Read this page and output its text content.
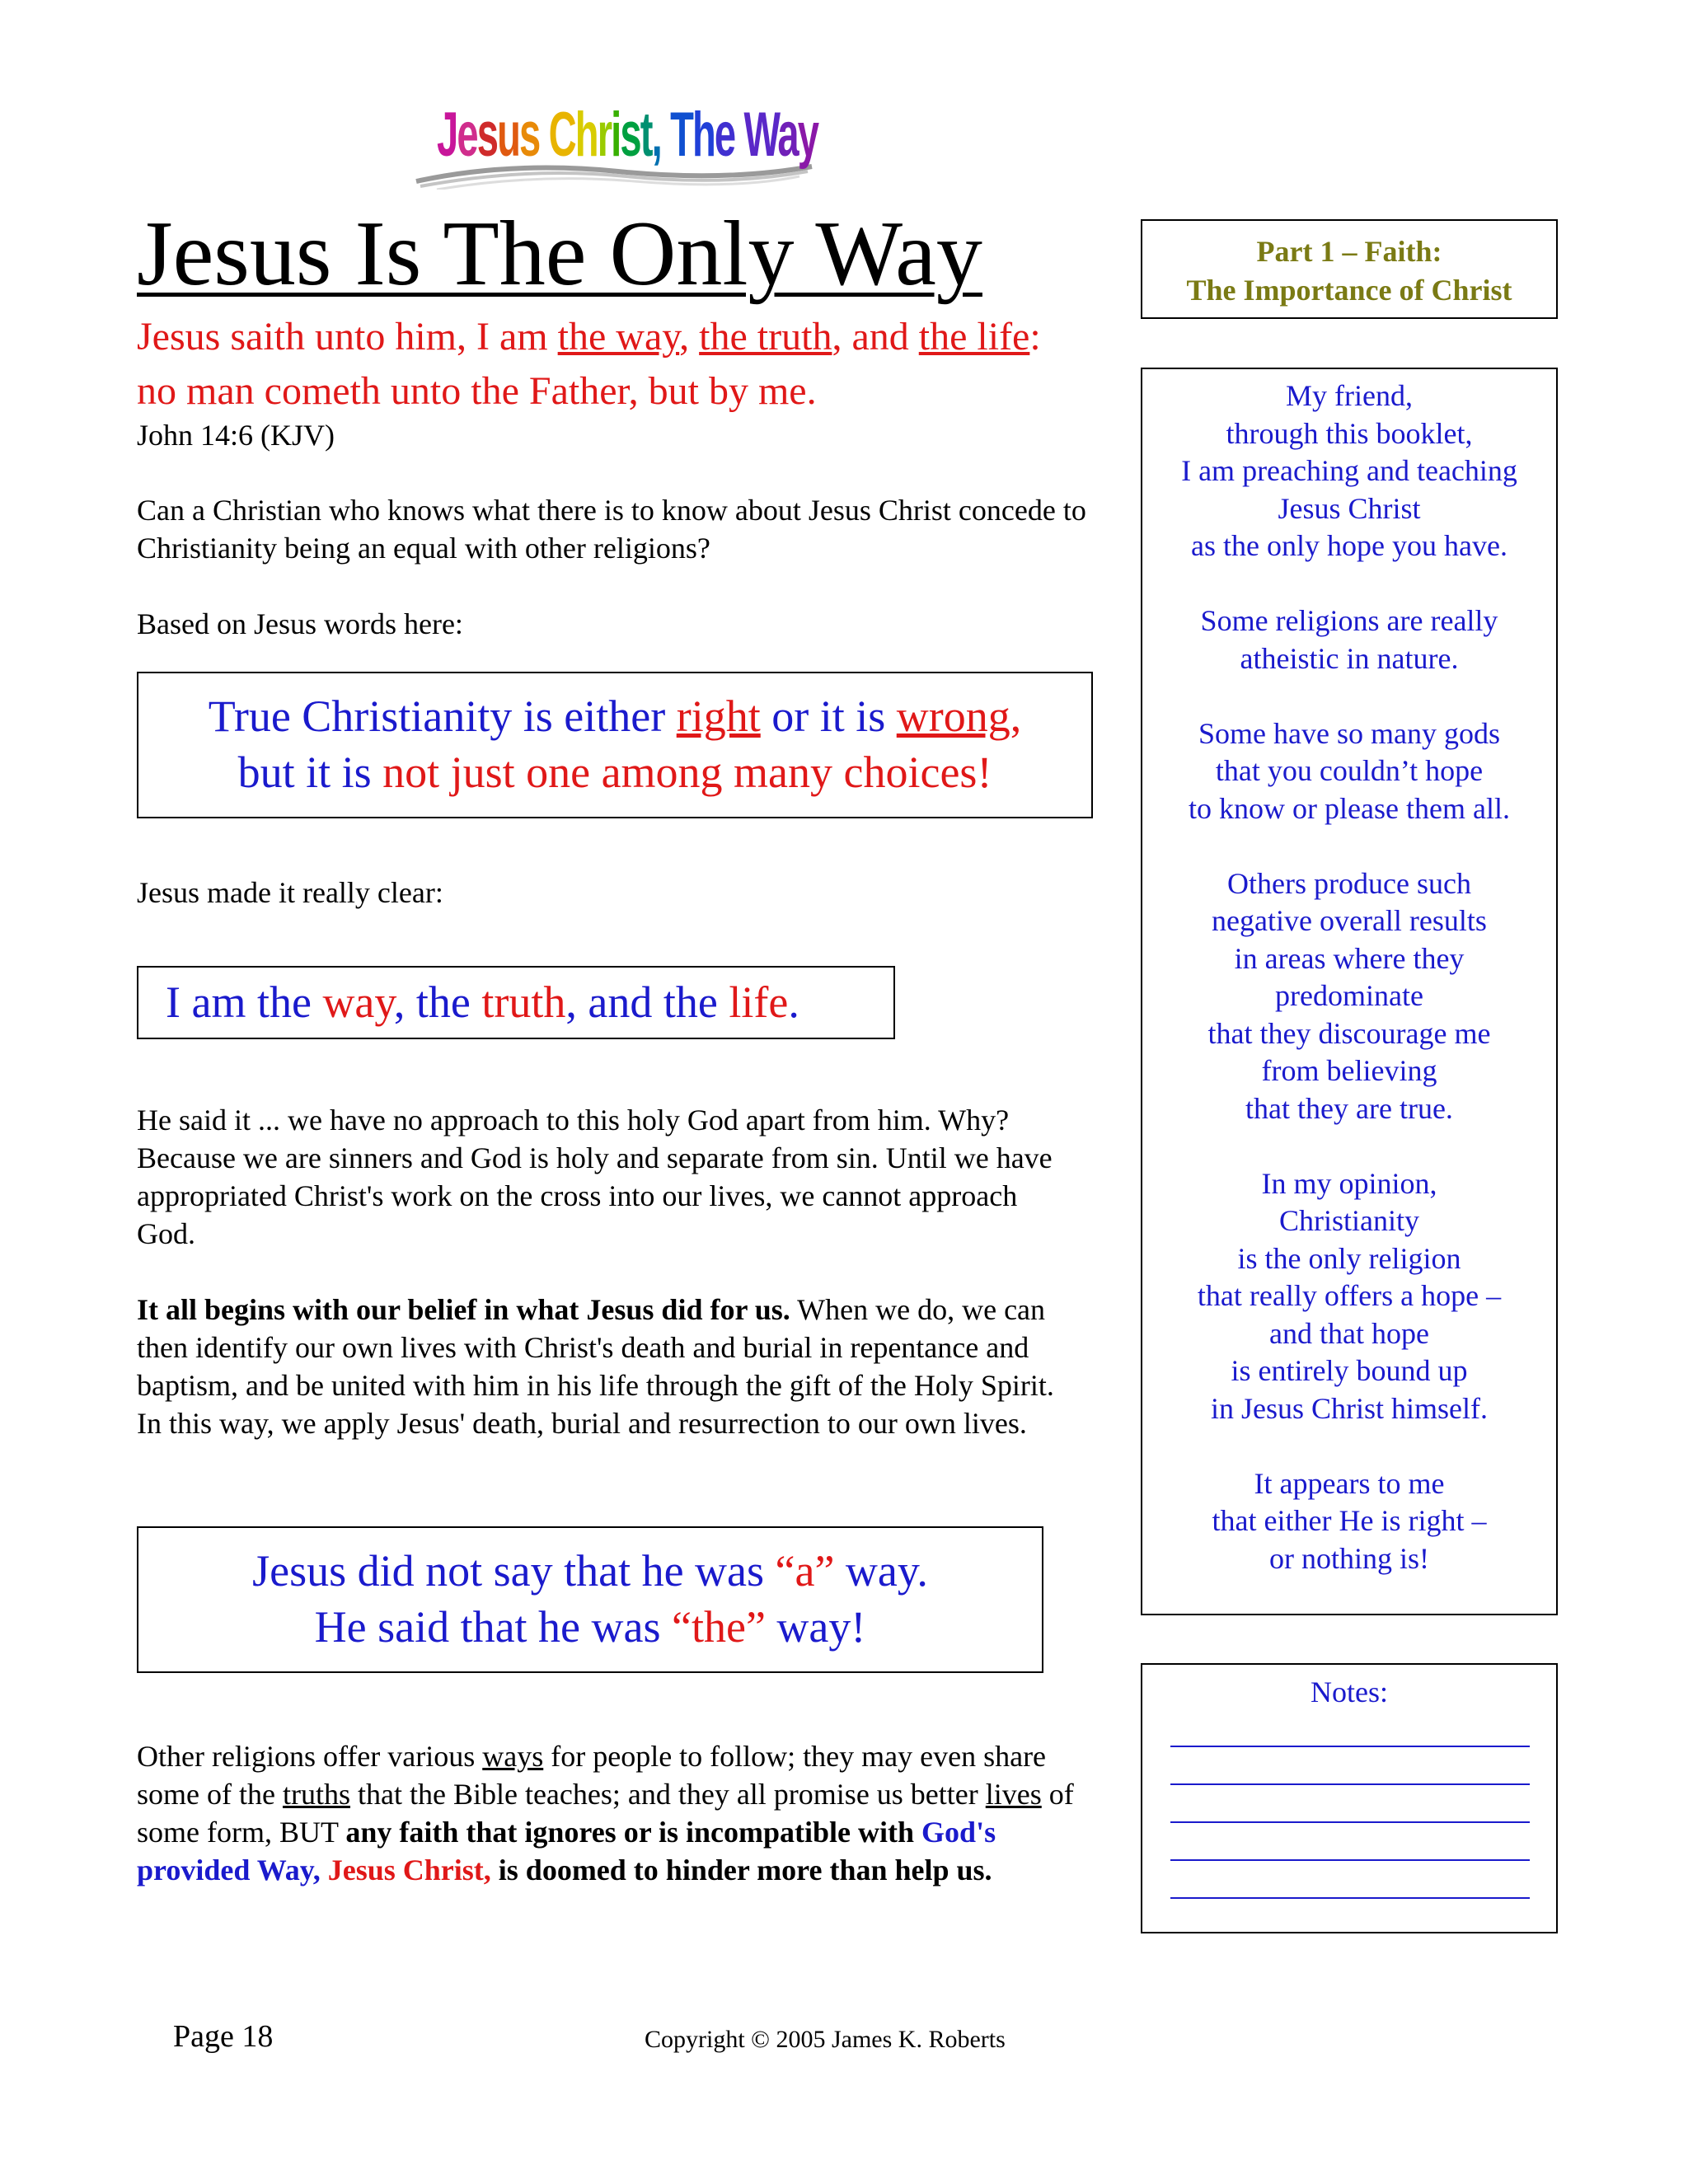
Jesus Christ, The Way
Jesus Is The Only Way
Jesus saith unto him, I am the way, the truth, and the life: no man cometh unto the Father, but by me.
John 14:6 (KJV)
Can a Christian who knows what there is to know about Jesus Christ concede to Christianity being an equal with other religions?
Based on Jesus words here:
True Christianity is either right or it is wrong,
but it is not just one among many choices!
Jesus made it really clear:
I am the way, the truth, and the life.
He said it ... we have no approach to this holy God apart from him. Why? Because we are sinners and God is holy and separate from sin. Until we have appropriated Christ's work on the cross into our lives, we cannot approach God.
It all begins with our belief in what Jesus did for us. When we do, we can then identify our own lives with Christ's death and burial in repentance and baptism, and be united with him in his life through the gift of the Holy Spirit. In this way, we apply Jesus' death, burial and resurrection to our own lives.
Jesus did not say that he was “a” way.
He said that he was “the” way!
Other religions offer various ways for people to follow; they may even share some of the truths that the Bible teaches; and they all promise us better lives of some form, BUT any faith that ignores or is incompatible with God's provided Way, Jesus Christ, is doomed to hinder more than help us.
Part 1 – Faith:
The Importance of Christ
My friend,
through this booklet,
I am preaching and teaching
Jesus Christ
as the only hope you have.
Some religions are really
atheistic in nature.
Some have so many gods
that you couldn’t hope
to know or please them all.
Others produce such
negative overall results
in areas where they
predominate
that they discourage me
from believing
that they are true.
In my opinion,
Christianity
is the only religion
that really offers a hope –
and that hope
is entirely bound up
in Jesus Christ himself.
It appears to me
that either He is right –
or nothing is!
Notes:
Page 18	Copyright © 2005 James K. Roberts
